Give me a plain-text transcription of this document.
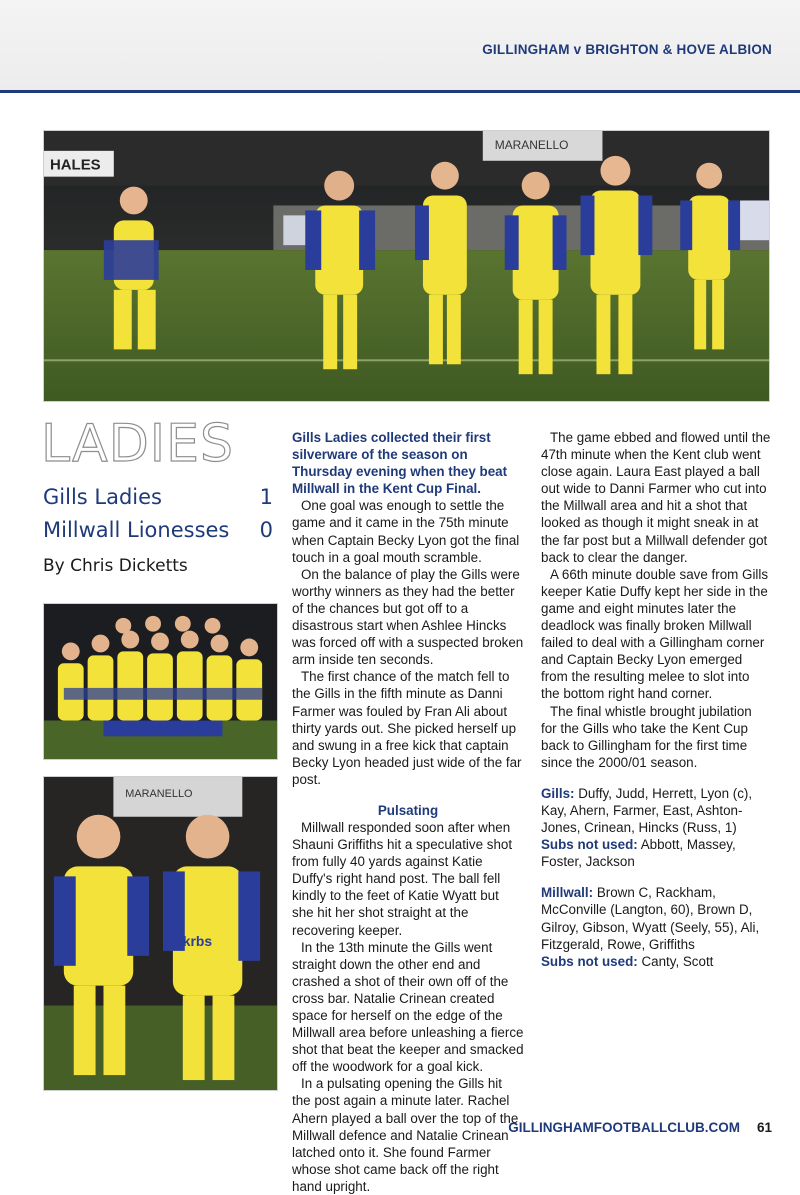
GILLINGHAM v BRIGHTON & HOVE ALBION
HALES
MARANELLO
LADIES
Gills Ladies	1
Millwall Lionesses 0
By Chris Dicketts
MARANELLO
krbs

Gills Ladies collected their first silverware of the season on Thursday evening when they beat Millwall in the Kent Cup Final.

One goal was enough to settle the game and it came in the 75th minute when Captain Becky Lyon got the final touch in a goal mouth scramble.

On the balance of play the Gills were worthy winners as they had the better of the chances but got off to a disastrous start when Ashlee Hincks was forced off with a suspected broken arm inside ten seconds.

The first chance of the match fell to the Gills in the fifth minute as Danni Farmer was fouled by Fran Ali about thirty yards out. She picked herself up and swung in a free kick that captain Becky Lyon headed just wide of the far post.

Pulsating

Millwall responded soon after when Shauni Griffiths hit a speculative shot from fully 40 yards against Katie Duffy's right hand post. The ball fell kindly to the feet of Katie Wyatt but she hit her shot straight at the recovering keeper.

In the 13th minute the Gills went straight down the other end and crashed a shot of their own off of the cross bar. Natalie Crinean created space for herself on the edge of the Millwall area before unleashing a fierce shot that beat the keeper and smacked off the woodwork for a goal kick.

In a pulsating opening the Gills hit the post again a minute later. Rachel Ahern played a ball over the top of the Millwall defence and Natalie Crinean latched onto it. She found Farmer whose shot came back off the right hand upright.

The game ebbed and flowed until the 47th minute when the Kent club went close again. Laura East played a ball out wide to Danni Farmer who cut into the Millwall area and hit a shot that looked as though it might sneak in at the far post but a Millwall defender got back to clear the danger.

A 66th minute double save from Gills keeper Katie Duffy kept her side in the game and eight minutes later the deadlock was finally broken Millwall failed to deal with a Gillingham corner and Captain Becky Lyon emerged from the resulting melee to slot into the bottom right hand corner.

The final whistle brought jubilation for the Gills who take the Kent Cup back to Gillingham for the first time since the 2000/01 season.

Gills: Duffy, Judd, Herrett, Lyon (c), Kay, Ahern, Farmer, East, Ashton-Jones, Crinean, Hincks (Russ, 1)

Subs not used: Abbott, Massey, Foster, Jackson

Millwall: Brown C, Rackham, McConville (Langton, 60), Brown D, Gilroy, Gibson, Wyatt (Seely, 55), Ali, Fitzgerald, Rowe, Griffiths

Subs not used: Canty, Scott

GILLINGHAMFOOTBALLCLUB.COM 61
